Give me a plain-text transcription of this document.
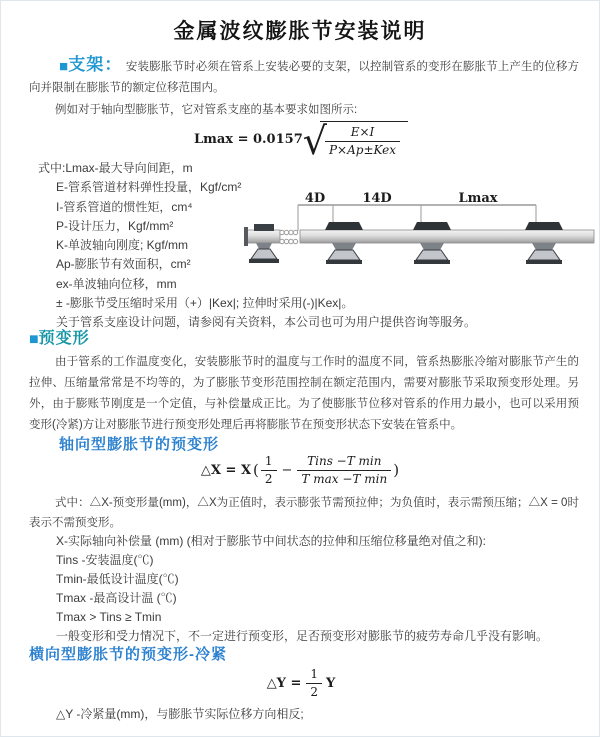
金属波纹膨胀节安装说明
■支架： 安装膨胀节时必须在管系上安装必要的支架，以控制管系的变形在膨胀节上产生的位移方向并限制在膨胀节的额定位移范围内。
例如对于轴向型膨胀节，它对管系支座的基本要求如图所示:
Lmax = 0.0157 √
$\frac{E\times I}{\text{P×Ap±Kex}}$
式中:Lmax-最大导向间距，m
E-管系管道材料弹性投量，Kgf/cm²
I-管系管道的惯性矩，cm⁴
P-设计压力，Kgf/mm²
K-单波轴向刚度; Kgf/mm
Ap-膨胀节有效面积，cm²
ex-单波轴向位移，mm
± -膨胀节受压缩时采用（+）|Kex|; 拉伸时采用(-)|Kex|。
关于管系支座设计问题，请参阅有关资料，本公司也可为用户提供咨询等服务。
4D	14D	Lmax
■预变形
由于管系的工作温度变化，安装膨胀节时的温度与工作时的温度不同，管系热膨胀冷缩对膨胀节产生的拉伸、压缩量常常是不均等的，为了膨胀节变形范围控制在额定范围内，需要对膨胀节采取预变形处理。另外，由于膨账节刚度是一个定值，与补偿量成正比。为了使膨胀节位移对管系的作用力最小，也可以采用预变形(冷紧)方让对膨胀节进行预变形处理后再将膨胀节在预变形状态下安装在管系中。
轴向型膨胀节的预变形
△X = X ( $\frac{1}{2} - \frac{\text{Tins −T min}}{\text{T max −T min}}$ )
式中：△X-预变形量(mm)，△X为正值时，表示膨张节需预拉伸；为负值时，表示需预压缩；△X = 0时表示不需预变形。
X-实际轴向补偿量 (mm) (相对于膨胀节中间状态的拉伸和压缩位移量绝对值之和):
Tins -安装温度(℃)
Tmin-最低设计温度(℃)
Tmax -最高设计温 (℃)
Tmax > Tins ≥ Tmin
一般变形和受力情况下，不一定进行预变形，足否预变形对膨胀节的疲劳寿命几乎没有影响。
横向型膨胀节的预变形-冷紧
△Y = $\frac{1}{2}$ Y
△Y -冷紧量(mm)，与膨胀节实际位移方向相反;
